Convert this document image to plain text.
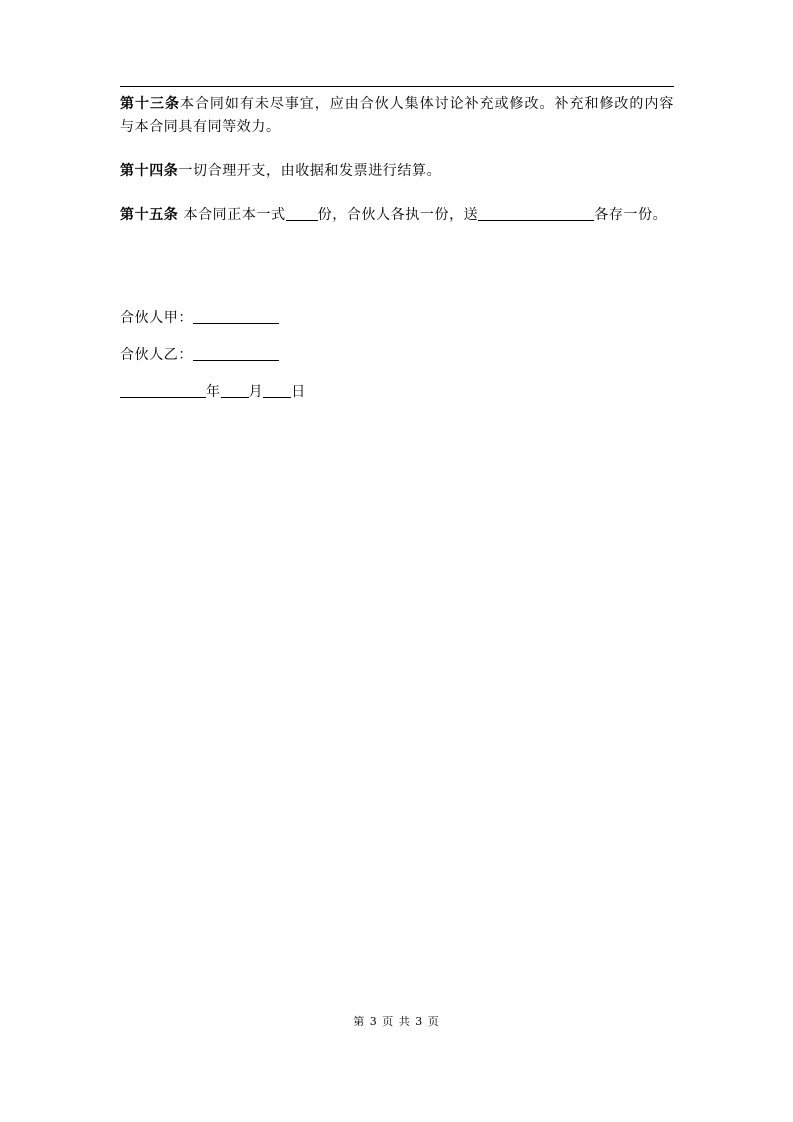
第十三条本合同如有未尽事宜，应由合伙人集体讨论补充或修改。补充和修改的内容与本合同具有同等效力。

第十四条一切合理开支，由收据和发票进行结算。

第十五条 本合同正本一式 份，合伙人各执一份，送	各存一份。

合伙人甲：
合伙人乙：
年 月 日
第 3 页 共 3 页
